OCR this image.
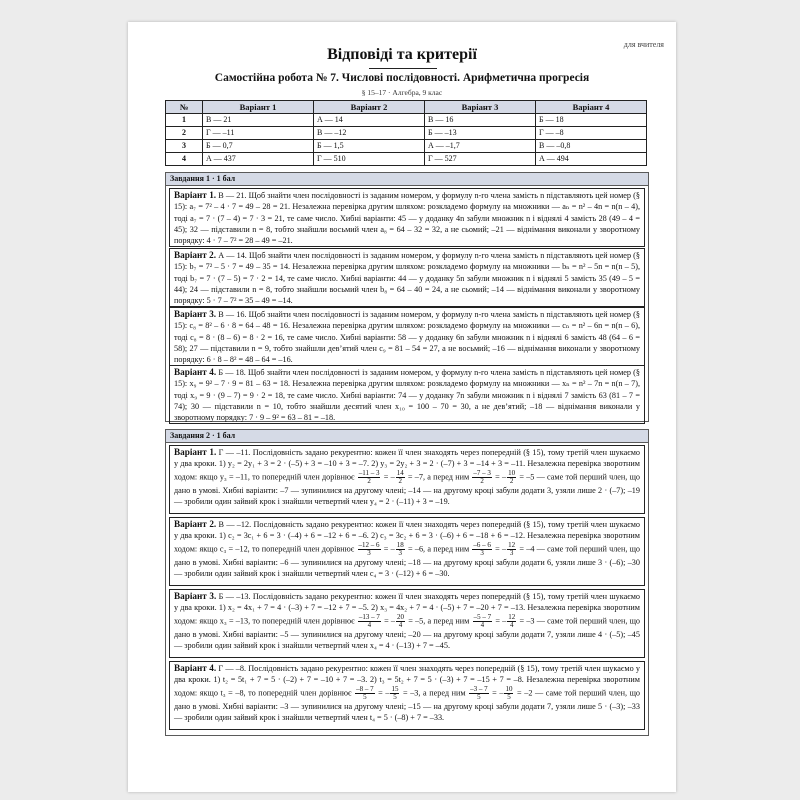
для вчителя
Відповіді та критерії
Самостійна робота № 7. Числові послідовності. Арифметична прогресія
§ 15–17 · Алгебра, 9 клас
№	Варіант 1	Варіант 2	Варіант 3	Варіант 4
1	В — 21	А — 14	В — 16	Б — 18
2	Г — –11	В — –12	Б — –13	Г — –8
3	Б — 0,7	Б — 1,5	А — –1,7	В — –0,8
4	А — 437	Г — 510	Г — 527	А — 494
Завдання 1 · 1 бал
Варіант 1. В — 21. Щоб знайти член послідовності із заданим номером, у формулу n-го члена замість n підставляють цей номер (§ 15): a₇ = 7² – 4 · 7 = 49 – 28 = 21. Незалежна перевірка другим шляхом: розкладемо формулу на множники — aₙ = n² – 4n = n(n – 4), тоді a₇ = 7 · (7 – 4) = 7 · 3 = 21, те саме число. Хибні варіанти: 45 — у доданку 4n забули множник n і віднялі 4 замість 28 (49 – 4 = 45); 32 — підставили n = 8, тобто знайшли восьмий член a₈ = 64 – 32 = 32, а не сьомий; –21 — віднімання виконали у зворотному порядку: 4 · 7 – 7² = 28 – 49 = –21.
Варіант 2. А — 14. Щоб знайти член послідовності із заданим номером, у формулу n-го члена замість n підставляють цей номер (§ 15): b₇ = 7² – 5 · 7 = 49 – 35 = 14. Незалежна перевірка другим шляхом: розкладемо формулу на множники — bₙ = n² – 5n = n(n – 5), тоді b₇ = 7 · (7 – 5) = 7 · 2 = 14, те саме число. Хибні варіанти: 44 — у доданку 5n забули множник n і віднялі 5 замість 35 (49 – 5 = 44); 24 — підставили n = 8, тобто знайшли восьмий член b₈ = 64 – 40 = 24, а не сьомий; –14 — віднімання виконали у зворотному порядку: 5 · 7 – 7² = 35 – 49 = –14.
Варіант 3. В — 16. Щоб знайти член послідовності із заданим номером, у формулу n-го члена замість n підставляють цей номер (§ 15): c₈ = 8² – 6 · 8 = 64 – 48 = 16. Незалежна перевірка другим шляхом: розкладемо формулу на множники — cₙ = n² – 6n = n(n – 6), тоді c₈ = 8 · (8 – 6) = 8 · 2 = 16, те саме число. Хибні варіанти: 58 — у доданку 6n забули множник n і віднялі 6 замість 48 (64 – 6 = 58); 27 — підставили n = 9, тобто знайшли дев’ятий член c₉ = 81 – 54 = 27, а не восьмий; –16 — віднімання виконали у зворотному порядку: 6 · 8 – 8² = 48 – 64 = –16.
Варіант 4. Б — 18. Щоб знайти член послідовності із заданим номером, у формулу n-го члена замість n підставляють цей номер (§ 15): x₉ = 9² – 7 · 9 = 81 – 63 = 18. Незалежна перевірка другим шляхом: розкладемо формулу на множники — xₙ = n² – 7n = n(n – 7), тоді x₉ = 9 · (9 – 7) = 9 · 2 = 18, те саме число. Хибні варіанти: 74 — у доданку 7n забули множник n і віднялі 7 замість 63 (81 – 7 = 74); 30 — підставили n = 10, тобто знайшли десятий член x₁₀ = 100 – 70 = 30, а не дев’ятий; –18 — віднімання виконали у зворотному порядку: 7 · 9 – 9² = 63 – 81 = –18.
Завдання 2 · 1 бал
Варіант 1. Г — –11. Послідовність задано рекурентно: кожен її член знаходять через попередній (§ 15), тому третій член шукаємо у два кроки. 1) y₂ = 2y₁ + 3 = 2 · (–5) + 3 = –10 + 3 = –7. 2) y₃ = 2y₂ + 3 = 2 · (–7) + 3 = –14 + 3 = –11. Незалежна перевірка зворотним ходом: якщо y₃ = –11, то попередній член дорівнює $\frac{-11 - 3}{2}$ = – $\frac{14}{2} = -7$, а перед ним $\frac{-7 - 3}{2}$ = – $\frac{10}{2} = -5$ — саме той перший член, що дано в умові. Хибні варіанти: –7 — зупинилися на другому члені; –14 — на другому кроці забули додати 3, узяли лише 2 · (–7); –19 — зробили один зайвий крок і знайшли четвертий член y₄ = 2 · (–11) + 3 = –19.
Варіант 2. В — –12. Послідовність задано рекурентно: кожен її член знаходять через попередній (§ 15), тому третій член шукаємо у два кроки. 1) c₂ = 3c₁ + 6 = 3 · (–4) + 6 = –12 + 6 = –6. 2) c₃ = 3c₂ + 6 = 3 · (–6) + 6 = –18 + 6 = –12. Незалежна перевірка зворотним ходом: якщо c₃ = –12, то попередній член дорівнює $\frac{-12 - 6}{3}$ = – $\frac{18}{3} = -6$, а перед ним $\frac{-6 - 6}{3}$ = – $\frac{12}{3} = -4$ — саме той перший член, що дано в умові. Хибні варіанти: –6 — зупинилися на другому члені; –18 — на другому кроці забули додати 6, узяли лише 3 · (–6); –30 — зробили один зайвий крок і знайшли четвертий член c₄ = 3 · (–12) + 6 = –30.
Варіант 3. Б — –13. Послідовність задано рекурентно: кожен її член знаходять через попередній (§ 15), тому третій член шукаємо у два кроки. 1) x₂ = 4x₁ + 7 = 4 · (–3) + 7 = –12 + 7 = –5. 2) x₃ = 4x₂ + 7 = 4 · (–5) + 7 = –20 + 7 = –13. Незалежна перевірка зворотним ходом: якщо x₃ = –13, то попередній член дорівнює $\frac{-13 - 7}{4}$ = – $\frac{20}{4} = -5$, а перед ним $\frac{-5 - 7}{4}$ = – $\frac{12}{4} = -3$ — саме той перший член, що дано в умові. Хибні варіанти: –5 — зупинилися на другому члені; –20 — на другому кроці забули додати 7, узяли лише 4 · (–5); –45 — зробили один зайвий крок і знайшли четвертий член x₄ = 4 · (–13) + 7 = –45.
Варіант 4. Г — –8. Послідовність задано рекурентно: кожен її член знаходять через попередній (§ 15), тому третій член шукаємо у два кроки. 1) t₂ = 5t₁ + 7 = 5 · (–2) + 7 = –10 + 7 = –3. 2) t₃ = 5t₂ + 7 = 5 · (–3) + 7 = –15 + 7 = –8. Незалежна перевірка зворотним ходом: якщо t₃ = –8, то попередній член дорівнює $\frac{-8 - 7}{5}$ = – $\frac{15}{5} = -3$, а перед ним $\frac{-3 - 7}{5}$ = – $\frac{10}{5} = -2$ — саме той перший член, що дано в умові. Хибні варіанти: –3 — зупинилися на другому члені; –15 — на другому кроці забули додати 7, узяли лише 5 · (–3); –33 — зробили один зайвий крок і знайшли четвертий член t₄ = 5 · (–8) + 7 = –33.
